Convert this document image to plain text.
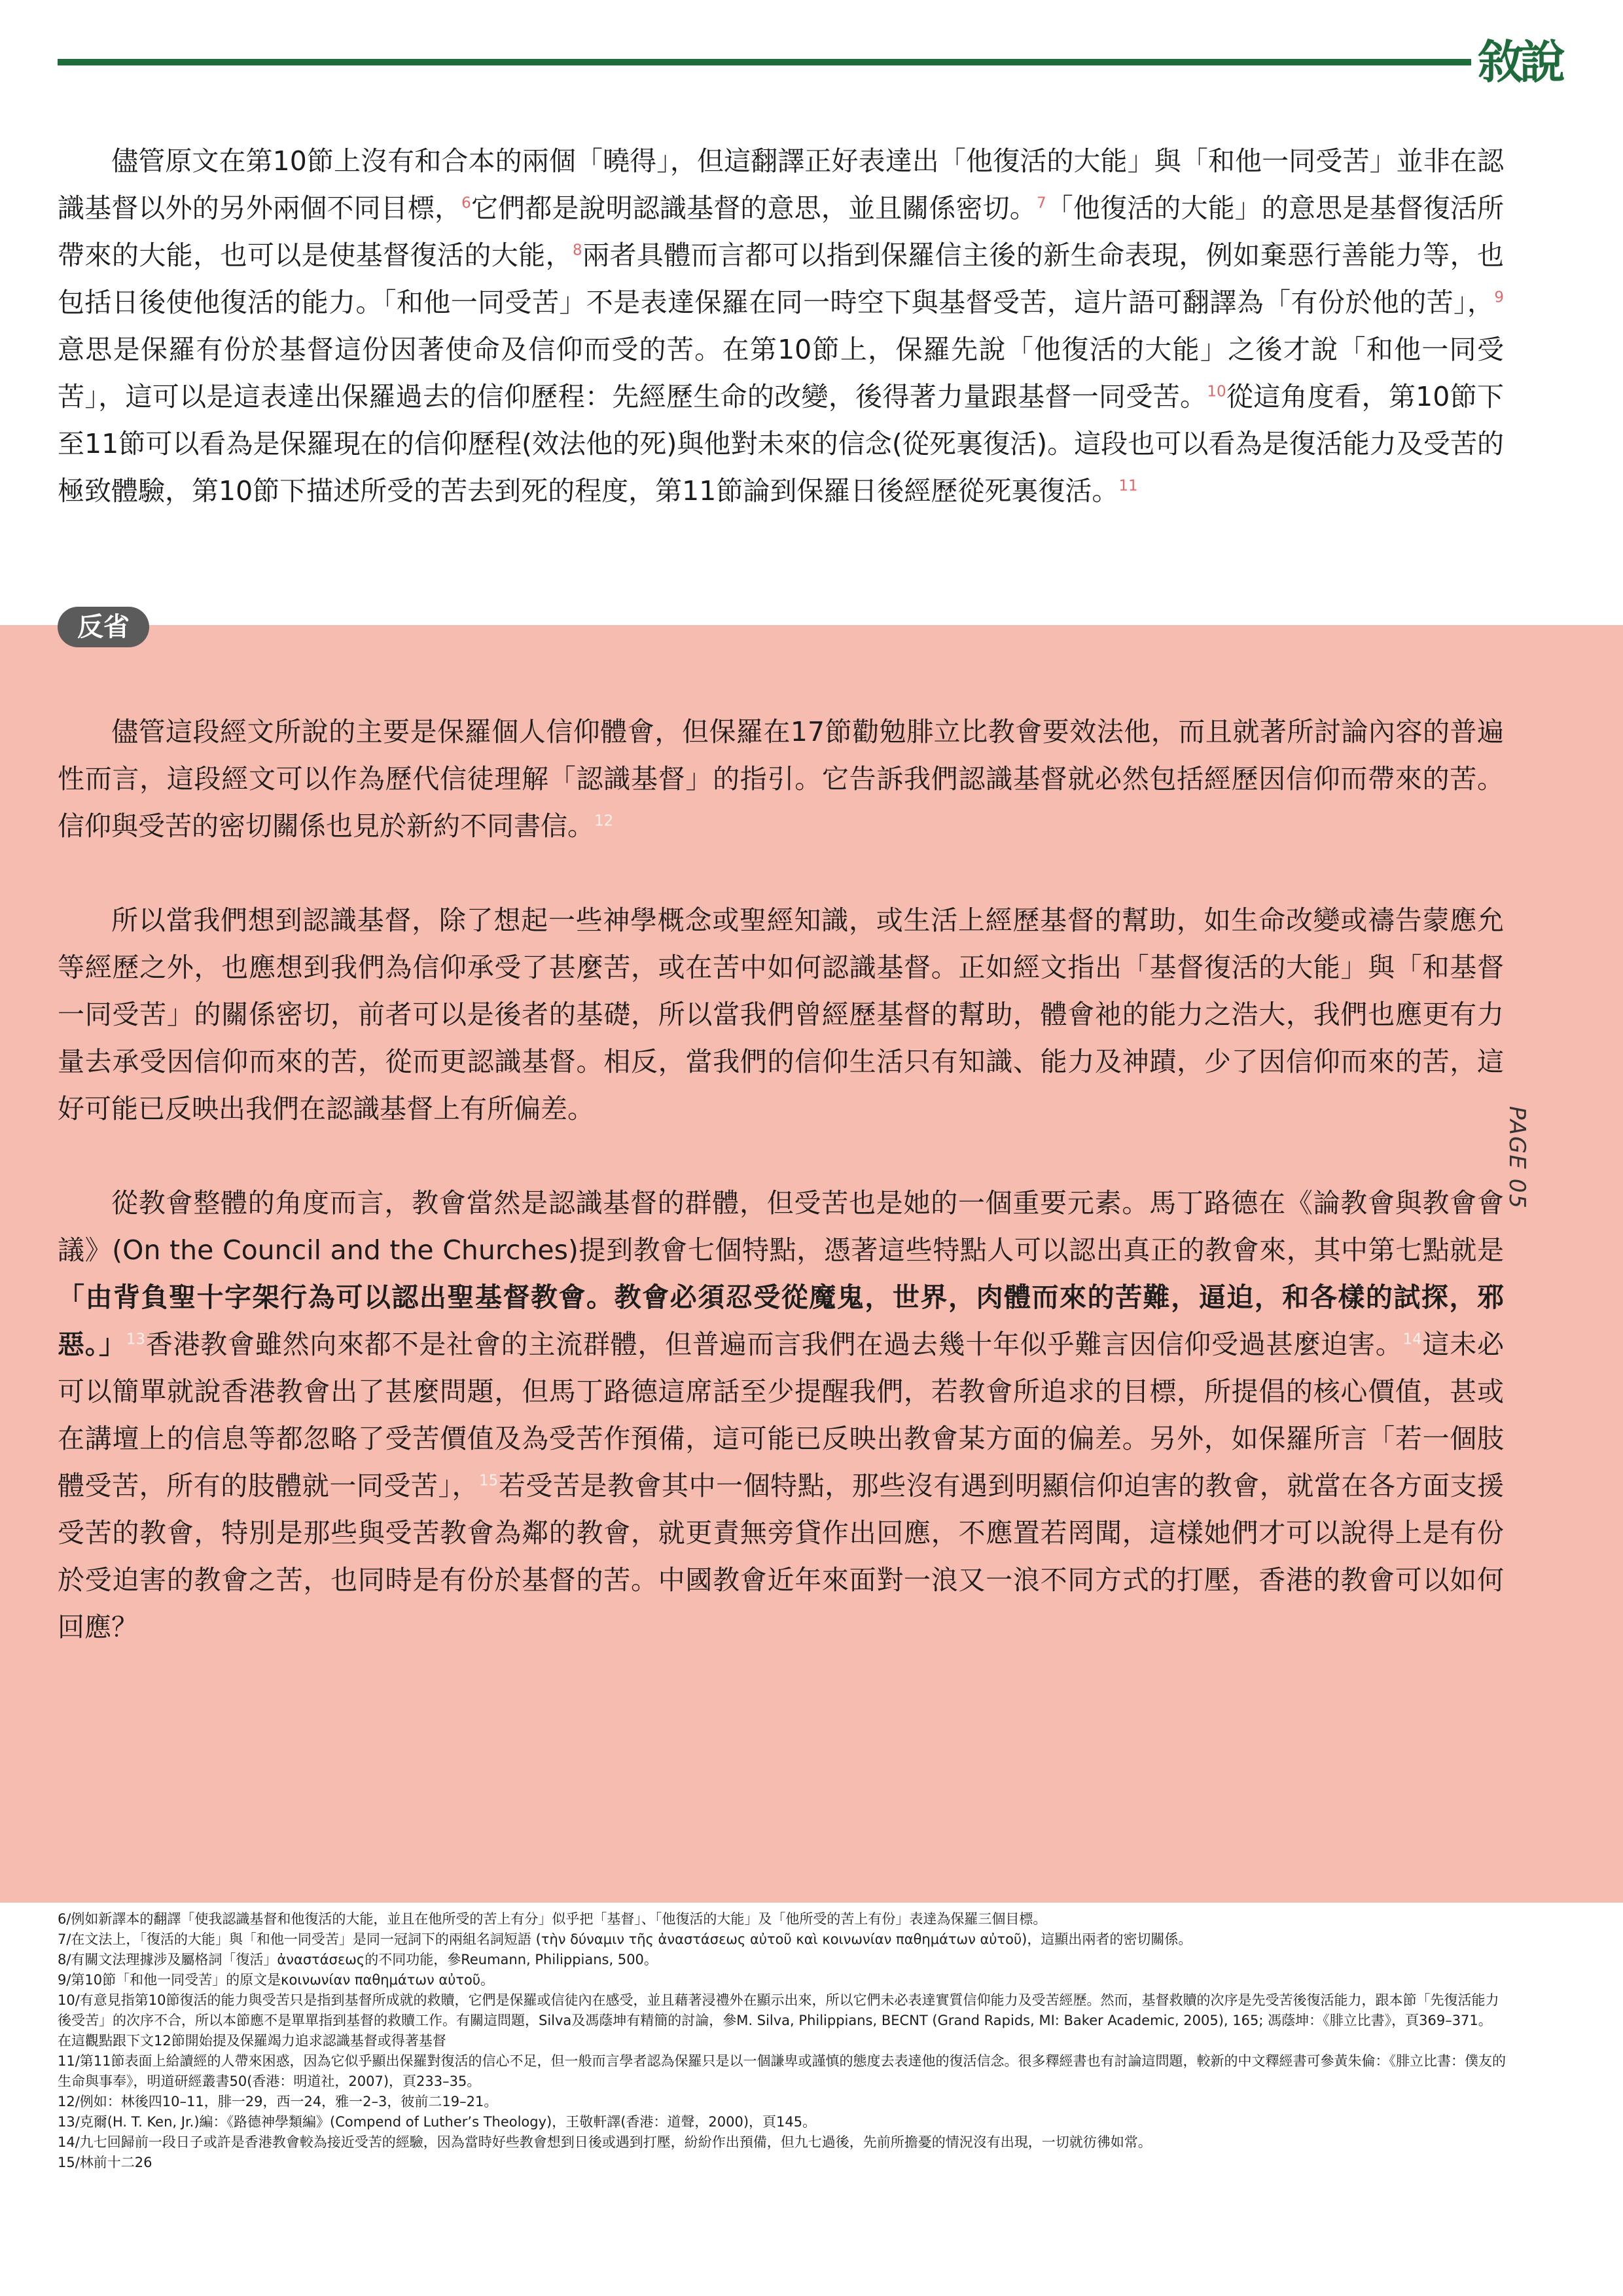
敘說

儘管原文在第10節上沒有和合本的兩個「曉得」，但這翻譯正好表達出「他復活的大能」與「和他一同受苦」並非在認識基督以外的另外兩個不同目標，$^6$它們都是說明認識基督的意思，並且關係密切。$^7$「他復活的大能」的意思是基督復活所帶來的大能，也可以是使基督復活的大能，$^8$兩者具體而言都可以指到保羅信主後的新生命表現，例如棄惡行善能力等，也包括日後使他復活的能力。「和他一同受苦」不是表達保羅在同一時空下與基督受苦，這片語可翻譯為「有份於他的苦」，$^9$意思是保羅有份於基督這份因著使命及信仰而受的苦。在第10節上，保羅先說「他復活的大能」之後才說「和他一同受苦」，這可以是這表達出保羅過去的信仰歷程：先經歷生命的改變，後得著力量跟基督一同受苦。$^{10}$從這角度看，第10節下至11節可以看為是保羅現在的信仰歷程(效法他的死)與他對未來的信念(從死裏復活)。這段也可以看為是復活能力及受苦的極致體驗，第10節下描述所受的苦去到死的程度，第11節論到保羅日後經歷從死裏復活。$^{11}$

反省

儘管這段經文所說的主要是保羅個人信仰體會，但保羅在17節勸勉腓立比教會要效法他，而且就著所討論內容的普遍性而言，這段經文可以作為歷代信徒理解「認識基督」的指引。它告訴我們認識基督就必然包括經歷因信仰而帶來的苦。信仰與受苦的密切關係也見於新約不同書信。$^{12}$

所以當我們想到認識基督，除了想起一些神學概念或聖經知識，或生活上經歷基督的幫助，如生命改變或禱告蒙應允等經歷之外，也應想到我們為信仰承受了甚麼苦，或在苦中如何認識基督。正如經文指出「基督復活的大能」與「和基督一同受苦」的關係密切，前者可以是後者的基礎，所以當我們曾經歷基督的幫助，體會祂的能力之浩大，我們也應更有力量去承受因信仰而來的苦，從而更認識基督。相反，當我們的信仰生活只有知識、能力及神蹟，少了因信仰而來的苦，這好可能已反映出我們在認識基督上有所偏差。

從教會整體的角度而言，教會當然是認識基督的群體，但受苦也是她的一個重要元素。馬丁路德在《論教會與教會會議》(On the Council and the Churches)提到教會七個特點，憑著這些特點人可以認出真正的教會來，其中第七點就是「由背負聖十字架行為可以認出聖基督教會。教會必須忍受從魔鬼，世界，肉體而來的苦難，逼迫，和各樣的試探，邪惡。」$^{13}$香港教會雖然向來都不是社會的主流群體，但普遍而言我們在過去幾十年似乎難言因信仰受過甚麼迫害。$^{14}$這未必可以簡單就說香港教會出了甚麼問題，但馬丁路德這席話至少提醒我們，若教會所追求的目標，所提倡的核心價值，甚或在講壇上的信息等都忽略了受苦價值及為受苦作預備，這可能已反映出教會某方面的偏差。另外，如保羅所言「若一個肢體受苦，所有的肢體就一同受苦」，$^{15}$若受苦是教會其中一個特點，那些沒有遇到明顯信仰迫害的教會，就當在各方面支援受苦的教會，特別是那些與受苦教會為鄰的教會，就更責無旁貸作出回應，不應置若罔聞，這樣她們才可以說得上是有份於受迫害的教會之苦，也同時是有份於基督的苦。中國教會近年來面對一浪又一浪不同方式的打壓，香港的教會可以如何回應？

PAGE 05
6/例如新譯本的翻譯「使我認識基督和他復活的大能，並且在他所受的苦上有分」似乎把「基督」、「他復活的大能」及「他所受的苦上有份」表達為保羅三個目標。
7/在文法上，「復活的大能」與「和他一同受苦」是同一冠詞下的兩組名詞短語 (τὴν δύναμιν τῆς ἀναστάσεως αὐτοῦ καὶ κοινωνίαν παθημάτων αὐτοῦ)，這顯出兩者的密切關係。
8/有關文法理據涉及屬格詞「復活」ἀναστάσεως的不同功能，參Reumann, Philippians, 500。
9/第10節「和他一同受苦」的原文是κοινωνίαν παθημάτων αὐτοῦ。
10/有意見指第10節復活的能力與受苦只是指到基督所成就的救贖，它們是保羅或信徒內在感受，並且藉著浸禮外在顯示出來，所以它們未必表達實質信仰能力及受苦經歷。然而，基督救贖的次序是先受苦後復活能力，跟本節「先復活能力後受苦」的次序不合，所以本節應不是單單指到基督的救贖工作。有關這問題，Silva及馮蔭坤有精簡的討論，參M. Silva, Philippians, BECNT (Grand Rapids, MI: Baker Academic, 2005), 165; 馮蔭坤：《腓立比書》，頁369–371。
在這觀點跟下文12節開始提及保羅竭力追求認識基督或得著基督
11/第11節表面上給讀經的人帶來困惑，因為它似乎顯出保羅對復活的信心不足，但一般而言學者認為保羅只是以一個謙卑或謹慎的態度去表達他的復活信念。很多釋經書也有討論這問題，較新的中文釋經書可參黃朱倫：《腓立比書：僕友的生命與事奉》，明道研經叢書50(香港：明道社，2007)，頁233–35。
12/例如：林後四10–11，腓一29，西一24，雅一2–3，彼前二19–21。
13/克爾(H. T. Ken, Jr.)編：《路德神學類編》(Compend of Luther’s Theology)，王敬軒譯(香港：道聲，2000)，頁145。
14/九七回歸前一段日子或許是香港教會較為接近受苦的經驗，因為當時好些教會想到日後或遇到打壓，紛紛作出預備，但九七過後，先前所擔憂的情況沒有出現，一切就彷彿如常。
15/林前十二26
